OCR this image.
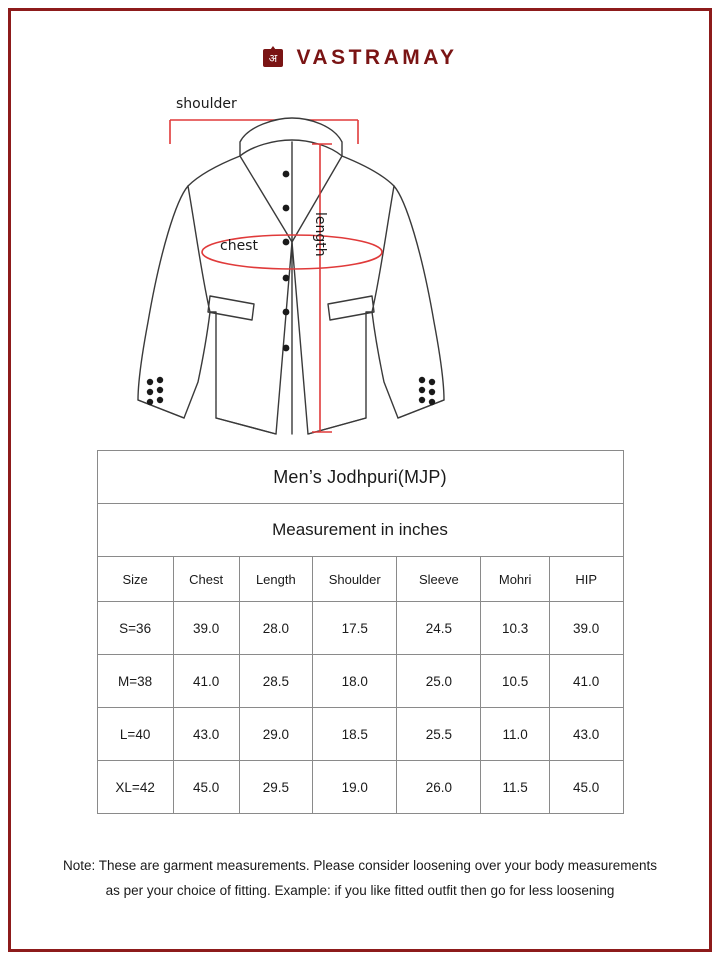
अ VASTRAMAY
shoulder
chest	length
Men’s Jodhpuri(MJP)						
Measurement in inches						
Size	Chest	Length	Shoulder	Sleeve	Mohri	HIP
S=36	39.0	28.0	17.5	24.5	10.3	39.0
M=38	41.0	28.5	18.0	25.0	10.5	41.0
L=40	43.0	29.0	18.5	25.5	11.0	43.0
XL=42	45.0	29.5	19.0	26.0	11.5	45.0
Note: These are garment measurements. Please consider loosening over your body measurements
as per your choice of fitting. Example: if you like fitted outfit then go for less loosening
